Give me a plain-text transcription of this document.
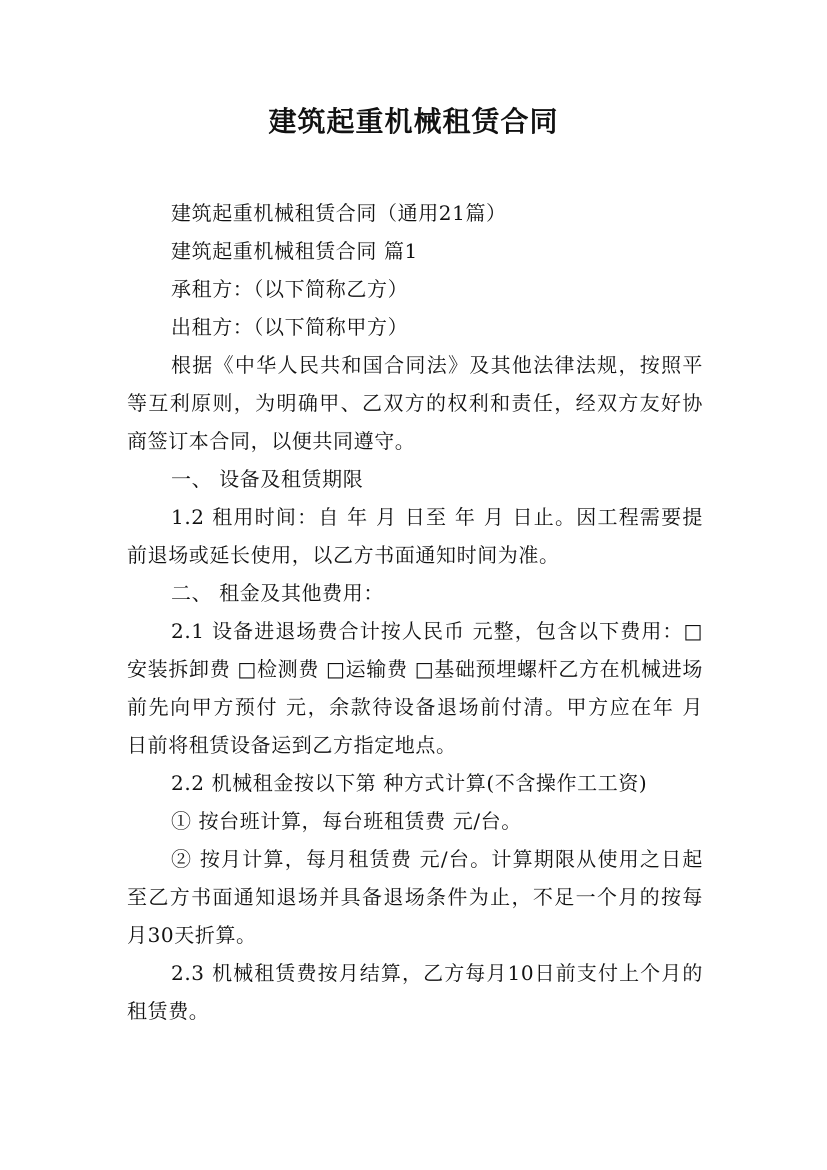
建筑起重机械租赁合同

建筑起重机械租赁合同（通用21篇）

建筑起重机械租赁合同 篇1

承租方：（以下简称乙方）

出租方：（以下简称甲方）

根据《中华人民共和国合同法》及其他法律法规，按照平等互利原则，为明确甲、乙双方的权利和责任，经双方友好协商签订本合同，以便共同遵守。

一、 设备及租赁期限

1.2 租用时间：自 年 月 日至 年 月 日止。因工程需要提前退场或延长使用，以乙方书面通知时间为准。

二、 租金及其他费用：

2.1 设备进退场费合计按人民币 元整，包含以下费用：□安装拆卸费 □检测费 □运输费 □基础预埋螺杆乙方在机械进场前先向甲方预付 元，余款待设备退场前付清。甲方应在年 月 日前将租赁设备运到乙方指定地点。

2.2 机械租金按以下第 种方式计算(不含操作工工资)

① 按台班计算，每台班租赁费 元/台。

② 按月计算，每月租赁费 元/台。计算期限从使用之日起至乙方书面通知退场并具备退场条件为止，不足一个月的按每月30天折算。

2.3 机械租赁费按月结算，乙方每月10日前支付上个月的租赁费。
